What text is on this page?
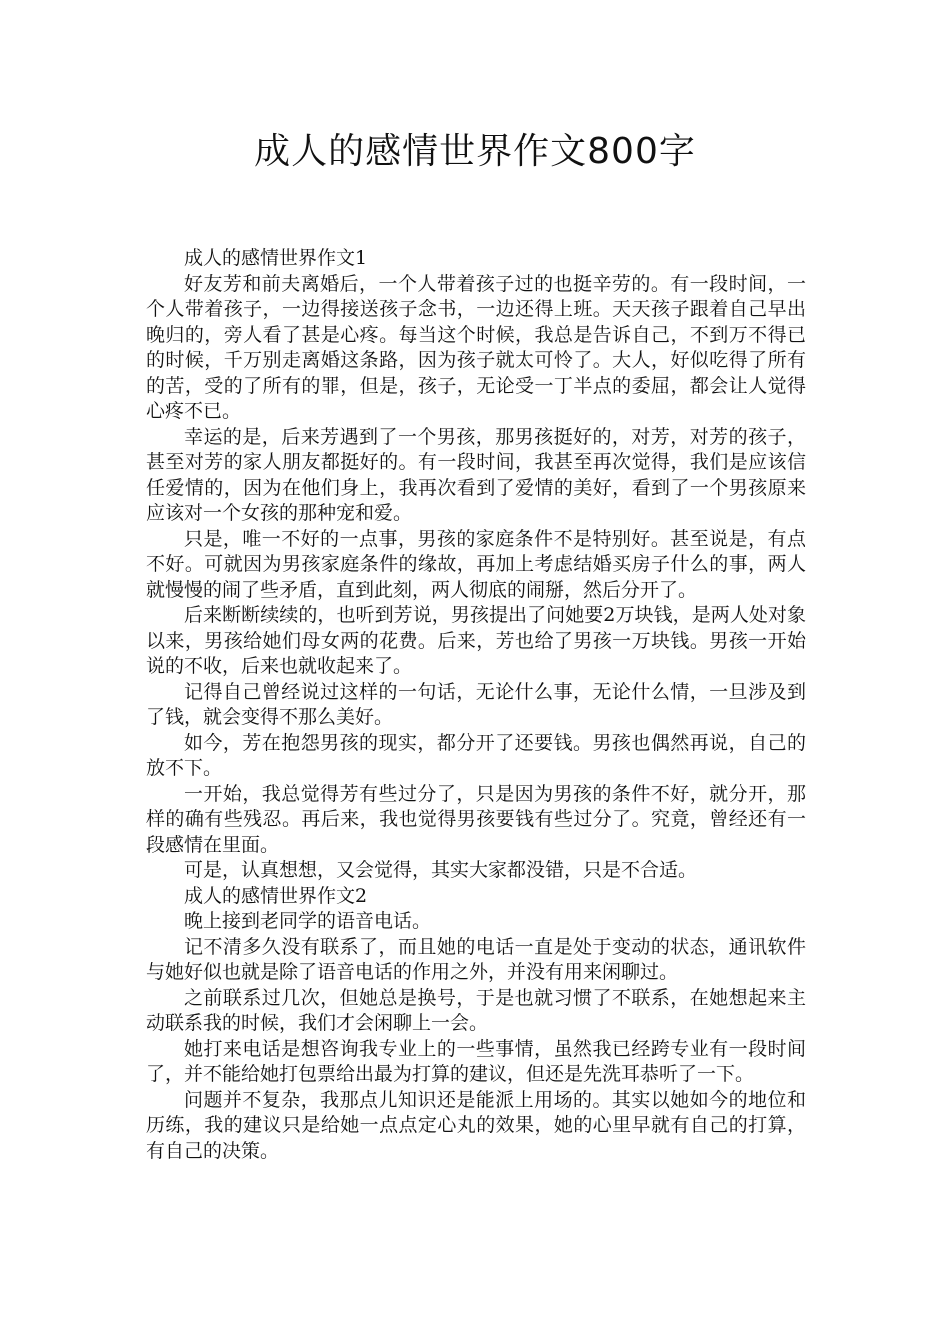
成人的感情世界作文800字

成人的感情世界作文1

好友芳和前夫离婚后，一个人带着孩子过的也挺辛劳的。有一段时间，一个人带着孩子，一边得接送孩子念书，一边还得上班。天天孩子跟着自己早出晚归的，旁人看了甚是心疼。每当这个时候，我总是告诉自己，不到万不得已的时候，千万别走离婚这条路，因为孩子就太可怜了。大人，好似吃得了所有的苦，受的了所有的罪，但是，孩子，无论受一丁半点的委屈，都会让人觉得心疼不已。

幸运的是，后来芳遇到了一个男孩，那男孩挺好的，对芳，对芳的孩子，甚至对芳的家人朋友都挺好的。有一段时间，我甚至再次觉得，我们是应该信任爱情的，因为在他们身上，我再次看到了爱情的美好，看到了一个男孩原来应该对一个女孩的那种宠和爱。

只是，唯一不好的一点事，男孩的家庭条件不是特别好。甚至说是，有点不好。可就因为男孩家庭条件的缘故，再加上考虑结婚买房子什么的事，两人就慢慢的闹了些矛盾，直到此刻，两人彻底的闹掰，然后分开了。

后来断断续续的，也听到芳说，男孩提出了问她要2万块钱，是两人处对象以来，男孩给她们母女两的花费。后来，芳也给了男孩一万块钱。男孩一开始说的不收，后来也就收起来了。

记得自己曾经说过这样的一句话，无论什么事，无论什么情，一旦涉及到了钱，就会变得不那么美好。

如今，芳在抱怨男孩的现实，都分开了还要钱。男孩也偶然再说，自己的放不下。

一开始，我总觉得芳有些过分了，只是因为男孩的条件不好，就分开，那样的确有些残忍。再后来，我也觉得男孩要钱有些过分了。究竟，曾经还有一段感情在里面。

可是，认真想想，又会觉得，其实大家都没错，只是不合适。

成人的感情世界作文2

晚上接到老同学的语音电话。

记不清多久没有联系了，而且她的电话一直是处于变动的状态，通讯软件与她好似也就是除了语音电话的作用之外，并没有用来闲聊过。

之前联系过几次，但她总是换号，于是也就习惯了不联系，在她想起来主动联系我的时候，我们才会闲聊上一会。

她打来电话是想咨询我专业上的一些事情，虽然我已经跨专业有一段时间了，并不能给她打包票给出最为打算的建议，但还是先洗耳恭听了一下。

问题并不复杂，我那点儿知识还是能派上用场的。其实以她如今的地位和历练，我的建议只是给她一点点定心丸的效果，她的心里早就有自己的打算，有自己的决策。
